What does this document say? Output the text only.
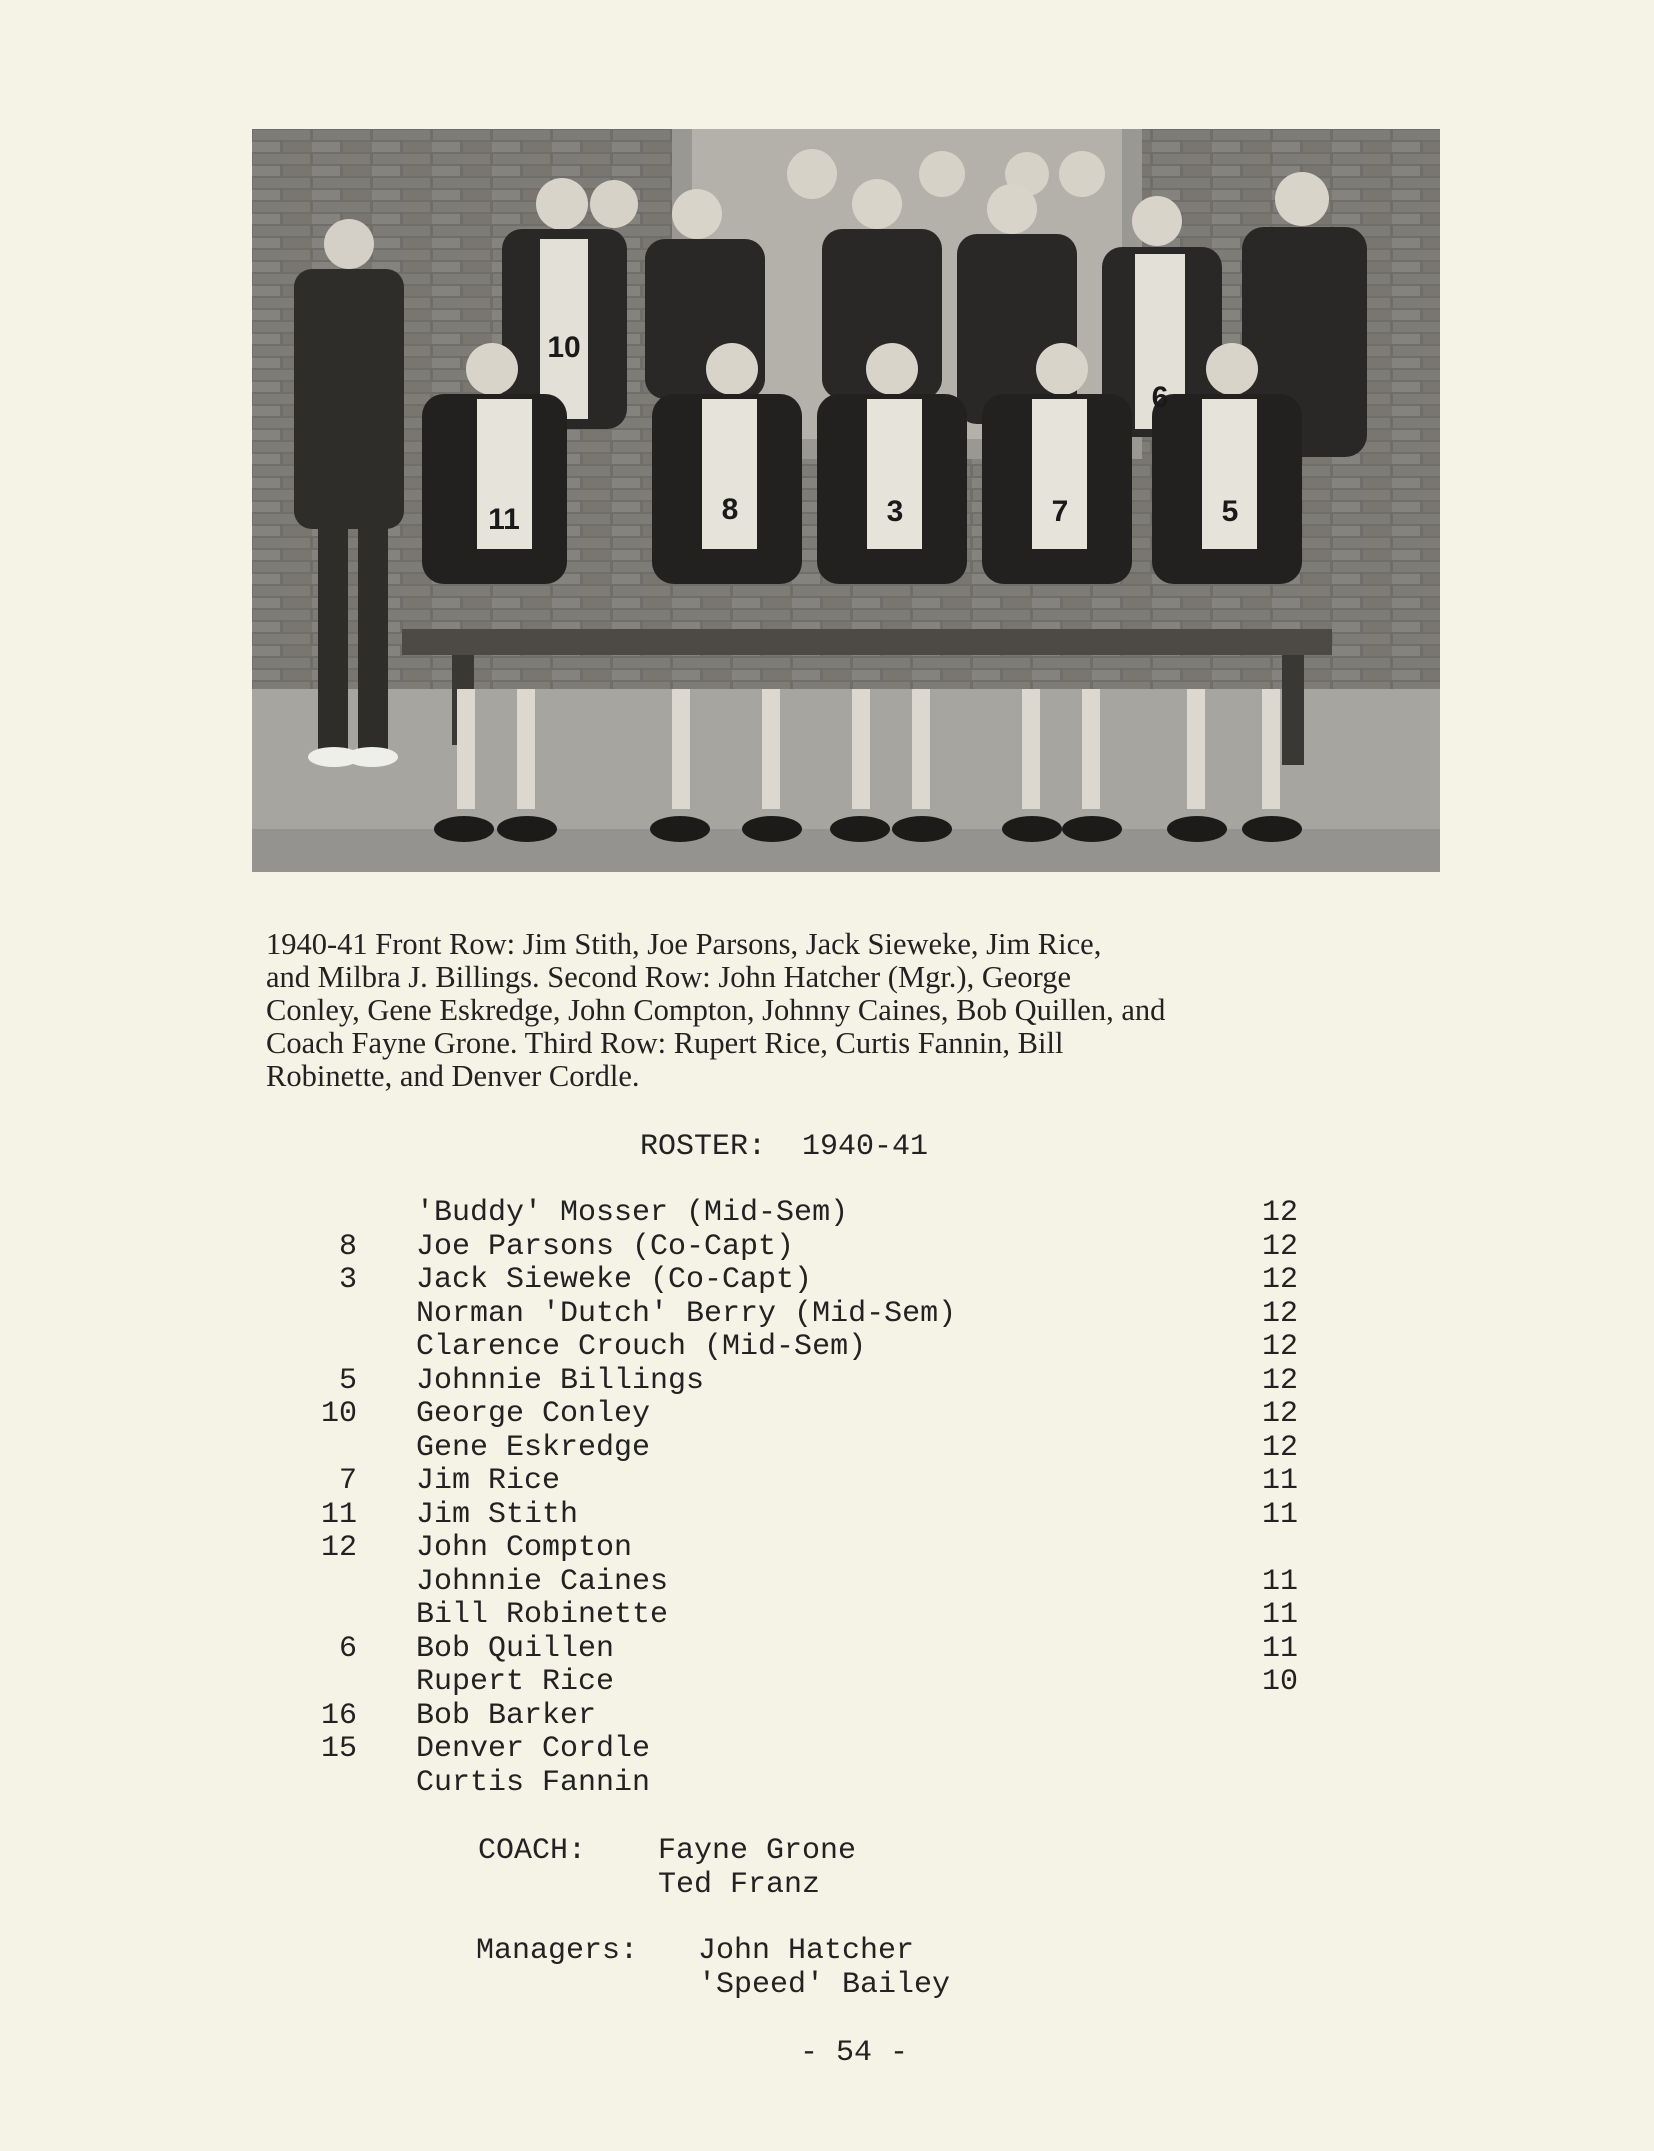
10
6
11	8	3	7	5

1940-41 Front Row: Jim Stith, Joe Parsons, Jack Sieweke, Jim Rice,
and Milbra J. Billings. Second Row: John Hatcher (Mgr.), George
Conley, Gene Eskredge, John Compton, Johnny Caines, Bob Quillen, and
Coach Fayne Grone. Third Row: Rupert Rice, Curtis Fannin, Bill
Robinette, and Denver Cordle.

ROSTER:  1940-41
'Buddy' Mosser (Mid-Sem)	12
8 Joe Parsons (Co-Capt)	12
3 Jack Sieweke (Co-Capt)	12
Norman 'Dutch' Berry (Mid-Sem)	12
Clarence Crouch (Mid-Sem)	12
5 Johnnie Billings	12
10 George Conley	12
Gene Eskredge	12
7 Jim Rice	11
11 Jim Stith	11
12 John Compton
Johnnie Caines	11
Bill Robinette	11
6 Bob Quillen	11
Rupert Rice	10
16 Bob Barker
15 Denver Cordle
Curtis Fannin
COACH: Fayne Grone
Ted Franz
Managers: John Hatcher
'Speed' Bailey
- 54 -
